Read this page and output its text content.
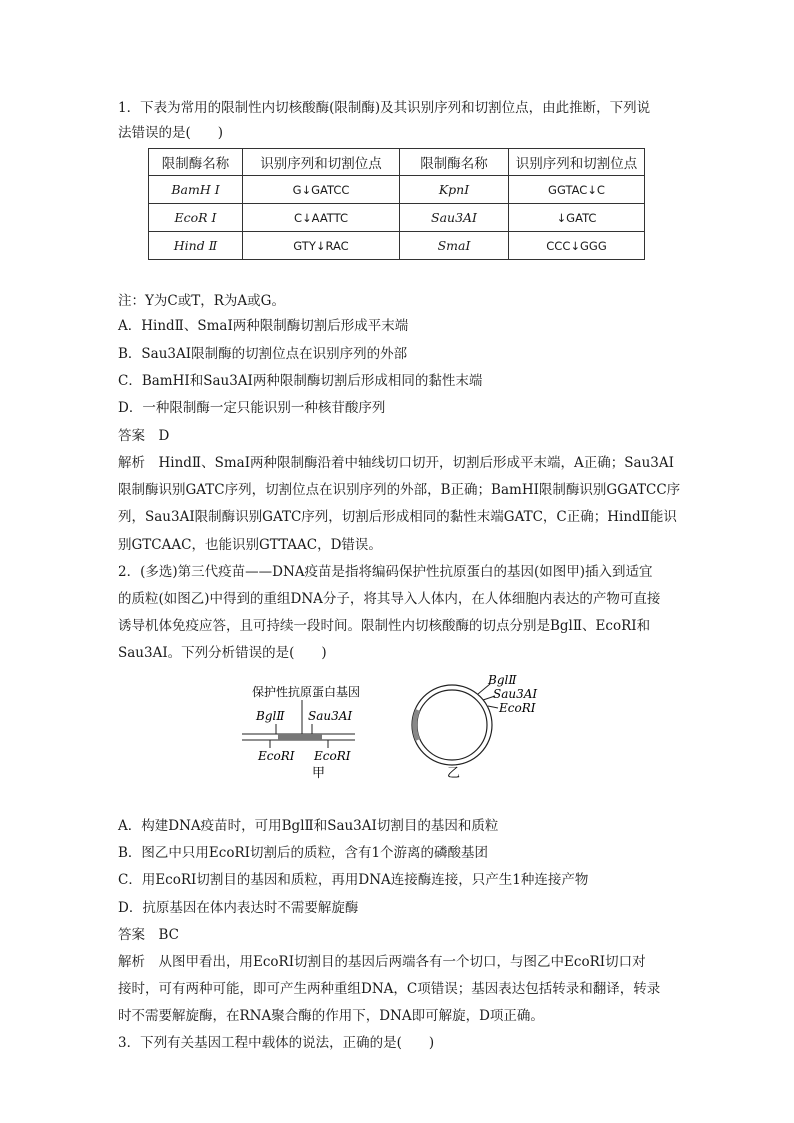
1．下表为常用的限制性内切核酸酶(限制酶)及其识别序列和切割位点，由此推断，下列说
法错误的是(　　)
限制酶名称	识别序列和切割位点	限制酶名称	识别序列和切割位点
BamH Ⅰ	G↓GATCC	KpnⅠ	GGTAC↓C
EcoR Ⅰ	C↓AATTC	Sau3AⅠ	↓GATC
Hind Ⅱ	GTY↓RAC	SmaⅠ	CCC↓GGG
注：Y为C或T，R为A或G。
A．HindⅡ、SmaⅠ两种限制酶切割后形成平末端
B．Sau3AⅠ限制酶的切割位点在识别序列的外部
C．BamHⅠ和Sau3AⅠ两种限制酶切割后形成相同的黏性末端
D．一种限制酶一定只能识别一种核苷酸序列
答案　D
解析　HindⅡ、SmaⅠ两种限制酶沿着中轴线切口切开，切割后形成平末端，A正确；Sau3AⅠ
限制酶识别GATC序列，切割位点在识别序列的外部，B正确；BamHⅠ限制酶识别GGATCC序
列，Sau3AⅠ限制酶识别GATC序列，切割后形成相同的黏性末端GATC，C正确；HindⅡ能识
别GTCAAC，也能识别GTTAAC，D错误。
2．(多选)第三代疫苗——DNA疫苗是指将编码保护性抗原蛋白的基因(如图甲)插入到适宜
的质粒(如图乙)中得到的重组DNA分子，将其导入人体内，在人体细胞内表达的产物可直接
诱导机体免疫应答，且可持续一段时间。限制性内切核酸酶的切点分别是BglⅡ、EcoRⅠ和
Sau3AⅠ。下列分析错误的是(　　)
保护性抗原蛋白基因
BglⅡ Sau3AⅠ
EcoRⅠ EcoRⅠ
甲
BglⅡ
Sau3AⅠ
EcoRⅠ
乙
A．构建DNA疫苗时，可用BglⅡ和Sau3AⅠ切割目的基因和质粒
B．图乙中只用EcoRⅠ切割后的质粒，含有1个游离的磷酸基团
C．用EcoRⅠ切割目的基因和质粒，再用DNA连接酶连接，只产生1种连接产物
D．抗原基因在体内表达时不需要解旋酶
答案　BC
解析　从图甲看出，用EcoRⅠ切割目的基因后两端各有一个切口，与图乙中EcoRⅠ切口对
接时，可有两种可能，即可产生两种重组DNA，C项错误；基因表达包括转录和翻译，转录
时不需要解旋酶，在RNA聚合酶的作用下，DNA即可解旋，D项正确。
3．下列有关基因工程中载体的说法，正确的是(　　)
